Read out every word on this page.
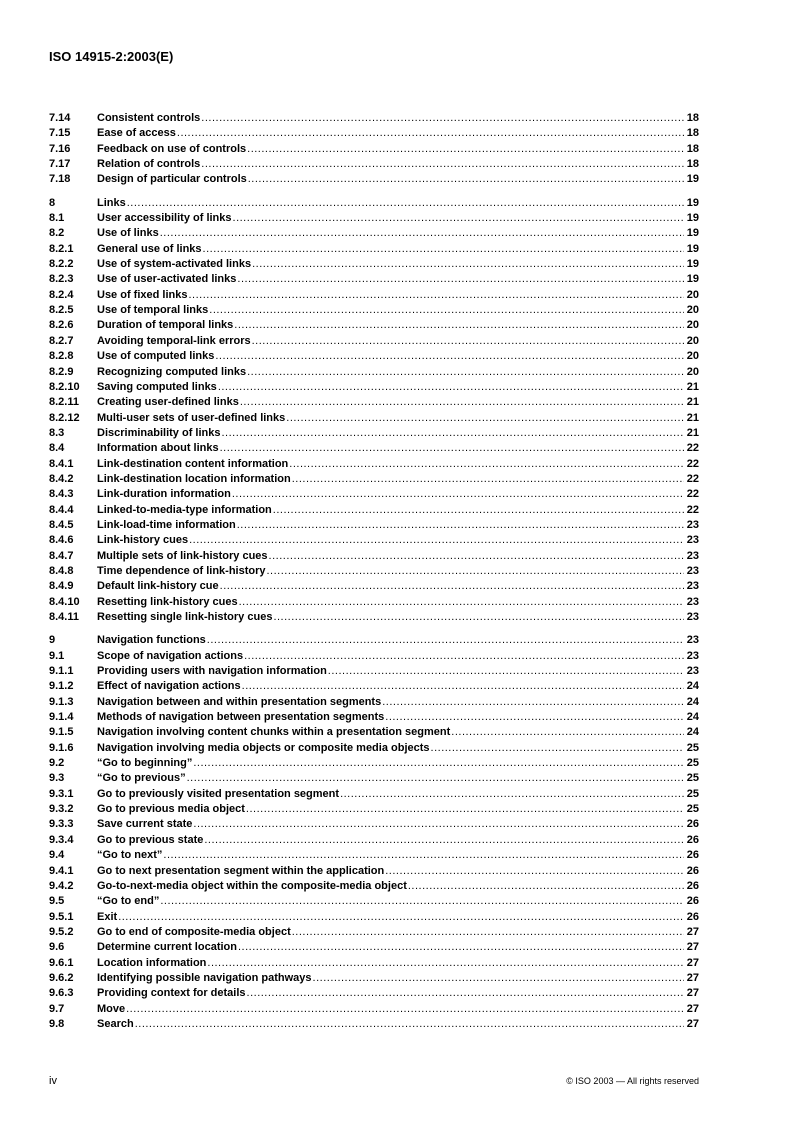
ISO 14915-2:2003(E)
7.14	Consistent controls .....	18
7.15	Ease of access .....	18
7.16	Feedback on use of controls .....	18
7.17	Relation of controls .....	18
7.18	Design of particular controls .....	19
8	Links .....	19
8.1	User accessibility of links .....	19
8.2	Use of links .....	19
8.2.1	General use of links .....	19
8.2.2	Use of system-activated links .....	19
8.2.3	Use of user-activated links .....	19
8.2.4	Use of fixed links .....	20
8.2.5	Use of temporal links .....	20
8.2.6	Duration of temporal links .....	20
8.2.7	Avoiding temporal-link errors .....	20
8.2.8	Use of computed links .....	20
8.2.9	Recognizing computed links .....	20
8.2.10	Saving computed links .....	21
8.2.11	Creating user-defined links .....	21
8.2.12	Multi-user sets of user-defined links .....	21
8.3	Discriminability of links .....	21
8.4	Information about links .....	22
8.4.1	Link-destination content information .....	22
8.4.2	Link-destination location information .....	22
8.4.3	Link-duration information .....	22
8.4.4	Linked-to-media-type information .....	22
8.4.5	Link-load-time information .....	23
8.4.6	Link-history cues .....	23
8.4.7	Multiple sets of link-history cues .....	23
8.4.8	Time dependence of link-history .....	23
8.4.9	Default link-history cue .....	23
8.4.10	Resetting link-history cues .....	23
8.4.11	Resetting single link-history cues .....	23
9	Navigation functions .....	23
9.1	Scope of navigation actions .....	23
9.1.1	Providing users with navigation information .....	23
9.1.2	Effect of navigation actions .....	24
9.1.3	Navigation between and within presentation segments .....	24
9.1.4	Methods of navigation between presentation segments .....	24
9.1.5	Navigation involving content chunks within a presentation segment .....	24
9.1.6	Navigation involving media objects or composite media objects .....	25
9.2	“Go to beginning” .....	25
9.3	“Go to previous” .....	25
9.3.1	Go to previously visited presentation segment .....	25
9.3.2	Go to previous media object .....	25
9.3.3	Save current state .....	26
9.3.4	Go to previous state .....	26
9.4	“Go to next” .....	26
9.4.1	Go to next presentation segment within the application .....	26
9.4.2	Go-to-next-media object within the composite-media object .....	26
9.5	“Go to end” .....	26
9.5.1	Exit .....	26
9.5.2	Go to end of composite-media object .....	27
9.6	Determine current location .....	27
9.6.1	Location information .....	27
9.6.2	Identifying possible navigation pathways .....	27
9.6.3	Providing context for details .....	27
9.7	Move .....	27
9.8	Search .....	27
iv	© ISO 2003 — All rights reserved
